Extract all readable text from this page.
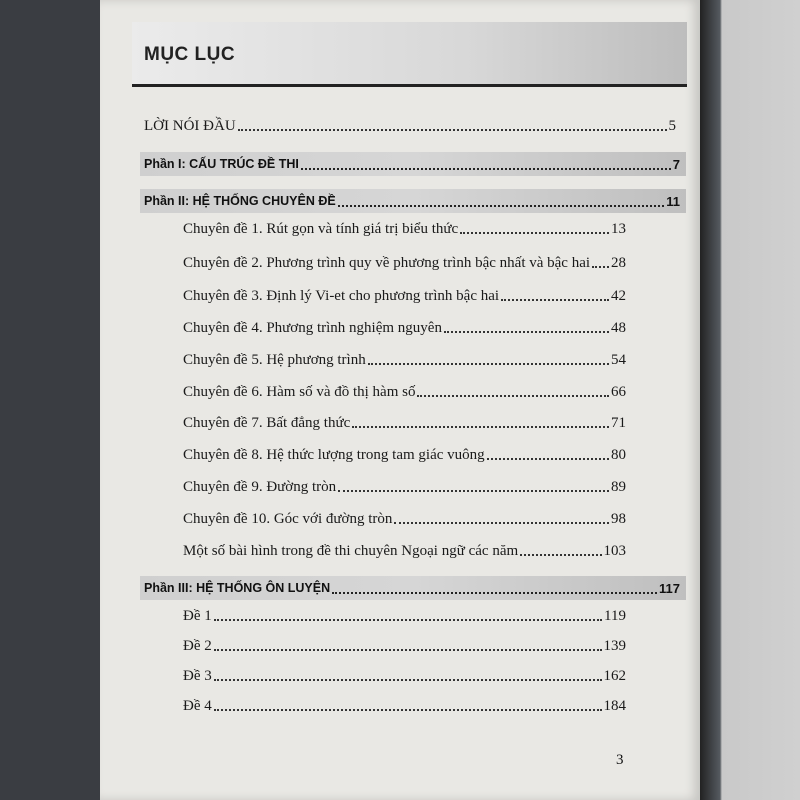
MỤC LỤC
LỜI NÓI ĐẦU	5
Phần I: CẤU TRÚC ĐỀ THI	7
Phần II: HỆ THỐNG CHUYÊN ĐỀ	11
Chuyên đề 1. Rút gọn và tính giá trị biểu thức	13
Chuyên đề 2. Phương trình quy về phương trình bậc nhất và bậc hai 28
Chuyên đề 3. Định lý Vi-et cho phương trình bậc hai	42
Chuyên đề 4. Phương trình nghiệm nguyên	48
Chuyên đề 5. Hệ phương trình	54
Chuyên đề 6. Hàm số và đồ thị hàm số	66
Chuyên đề 7. Bất đẳng thức	71
Chuyên đề 8. Hệ thức lượng trong tam giác vuông	80
Chuyên đề 9. Đường tròn	89
Chuyên đề 10. Góc với đường tròn	98
Một số bài hình trong đề thi chuyên Ngoại ngữ các năm	103
Phần III: HỆ THỐNG ÔN LUYỆN	117
Đề 1	119
Đề 2	139
Đề 3	162
Đề 4	184
3
